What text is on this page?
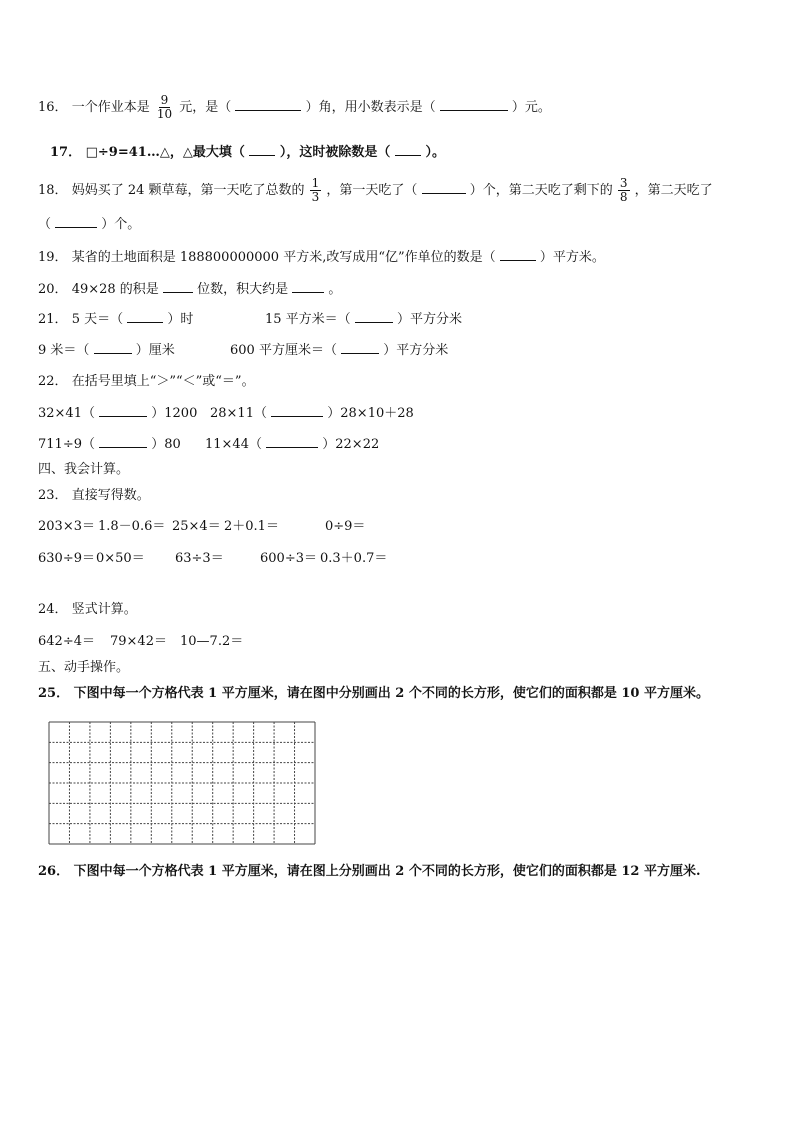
16． 一个作业本是 $\frac{9}{10}$ 元，是（	）角，用小数表示是（	）元。
17． □÷9=41…△，△最大填（	），这时被除数是（	）。
18． 妈妈买了 24 颗草莓，第一天吃了总数的 $\frac{1}{3}$ ，第一天吃了（	）个，第二天吃了剩下的 $\frac{3}{8}$ ，第二天吃了
（	）个。
19． 某省的土地面积是 188800000000 平方米,改写成用“亿”作单位的数是（	）平方米。
20． 49×28 的积是	位数，积大约是	。
21． 5 天＝（	）时	15 平方米＝（	）平方分米
9 米＝（	）厘米	600 平方厘米＝（	）平方分米
22． 在括号里填上“＞”“＜”或“＝”。
32×41（	）1200 28×11（	）28×10＋28
711÷9（	）80 11×44（	）22×22
四、我会计算。
23． 直接写得数。
203×3＝ 1.8－0.6＝ 25×4＝ 2＋0.1＝	0÷9＝
630÷9＝ 0×50＝ 63÷3＝	600÷3＝ 0.3＋0.7＝
24． 竖式计算。
642÷4＝ 79×42＝ 10—7.2＝
五、动手操作。
25． 下图中每一个方格代表 1 平方厘米，请在图中分别画出 2 个不同的长方形，使它们的面积都是 10 平方厘米。
26． 下图中每一个方格代表 1 平方厘米，请在图上分别画出 2 个不同的长方形，使它们的面积都是 12 平方厘米.
